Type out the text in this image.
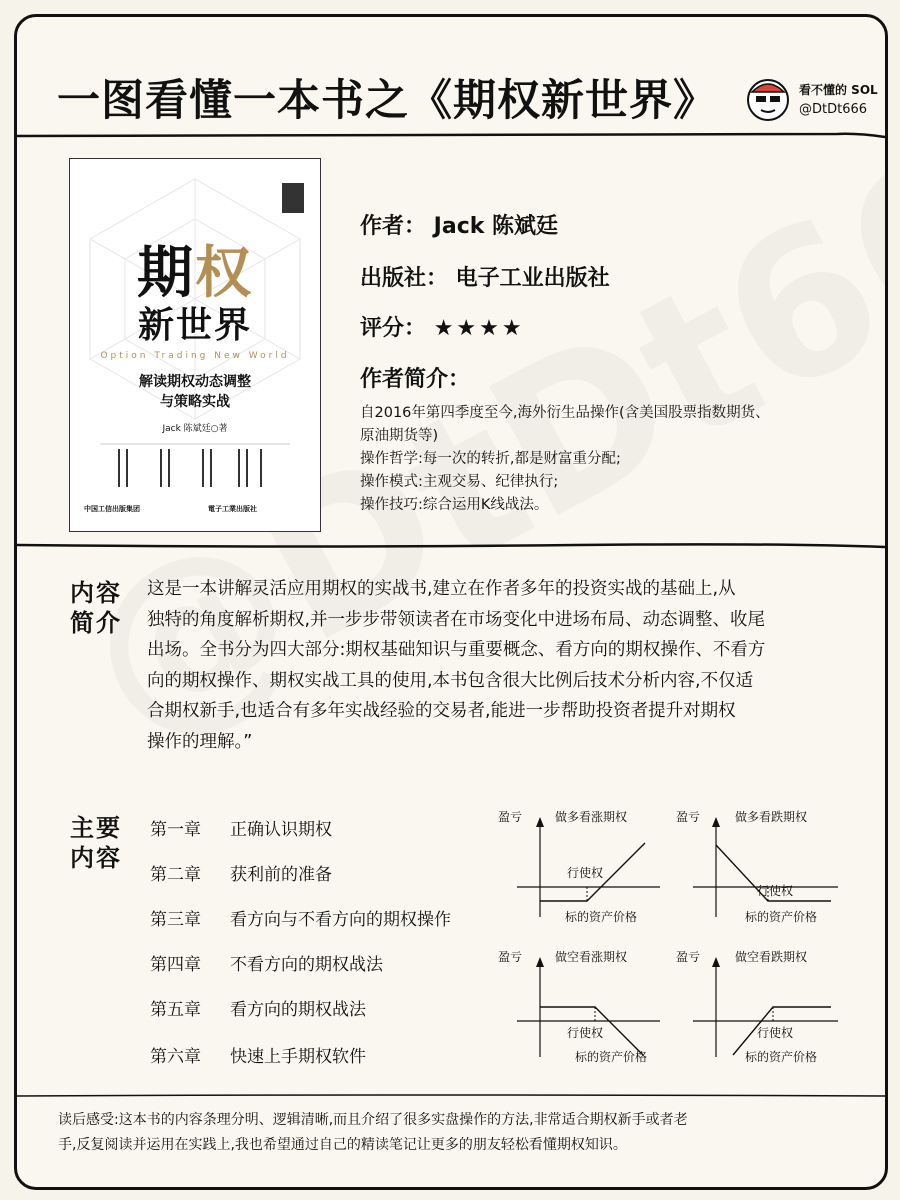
一图看懂一本书之《期权新世界》	看不懂的 SOL
@DtDt666
期权
新世界
Option Trading New World
解读期权动态调整
与策略实战
Jack 陈斌廷○著
中国工信出版集团	電子工業出版社
作者： Jack 陈斌廷
出版社： 电子工业出版社
评分： ★★★★
作者简介：
自2016年第四季度至今,海外衍生品操作(含美国股票指数期货、
原油期货等)
操作哲学:每一次的转折,都是财富重分配;
操作模式:主观交易、纪律执行;
操作技巧:综合运用K线战法。
内容
简介
这是一本讲解灵活应用期权的实战书,建立在作者多年的投资实战的基础上,从
独特的角度解析期权,并一步步带领读者在市场变化中进场布局、动态调整、收尾
出场。全书分为四大部分:期权基础知识与重要概念、看方向的期权操作、不看方
向的期权操作、期权实战工具的使用,本书包含很大比例后技术分析内容,不仅适
合期权新手,也适合有多年实战经验的交易者,能进一步帮助投资者提升对期权
操作的理解。”
主要
内容
第一章 正确认识期权
第二章 获利前的准备
第三章 看方向与不看方向的期权操作
第四章 不看方向的期权战法
第五章 看方向的期权战法
第六章 快速上手期权软件
盈亏	做多看涨期权
行使权
标的资产价格
盈亏	做多看跌期权
行使权
标的资产价格
盈亏	做空看涨期权
行使权
标的资产价格
盈亏	做空看跌期权
行使权
标的资产价格
读后感受:这本书的内容条理分明、逻辑清晰,而且介绍了很多实盘操作的方法,非常适合期权新手或者老
手,反复阅读并运用在实践上,我也希望通过自己的精读笔记让更多的朋友轻松看懂期权知识。
